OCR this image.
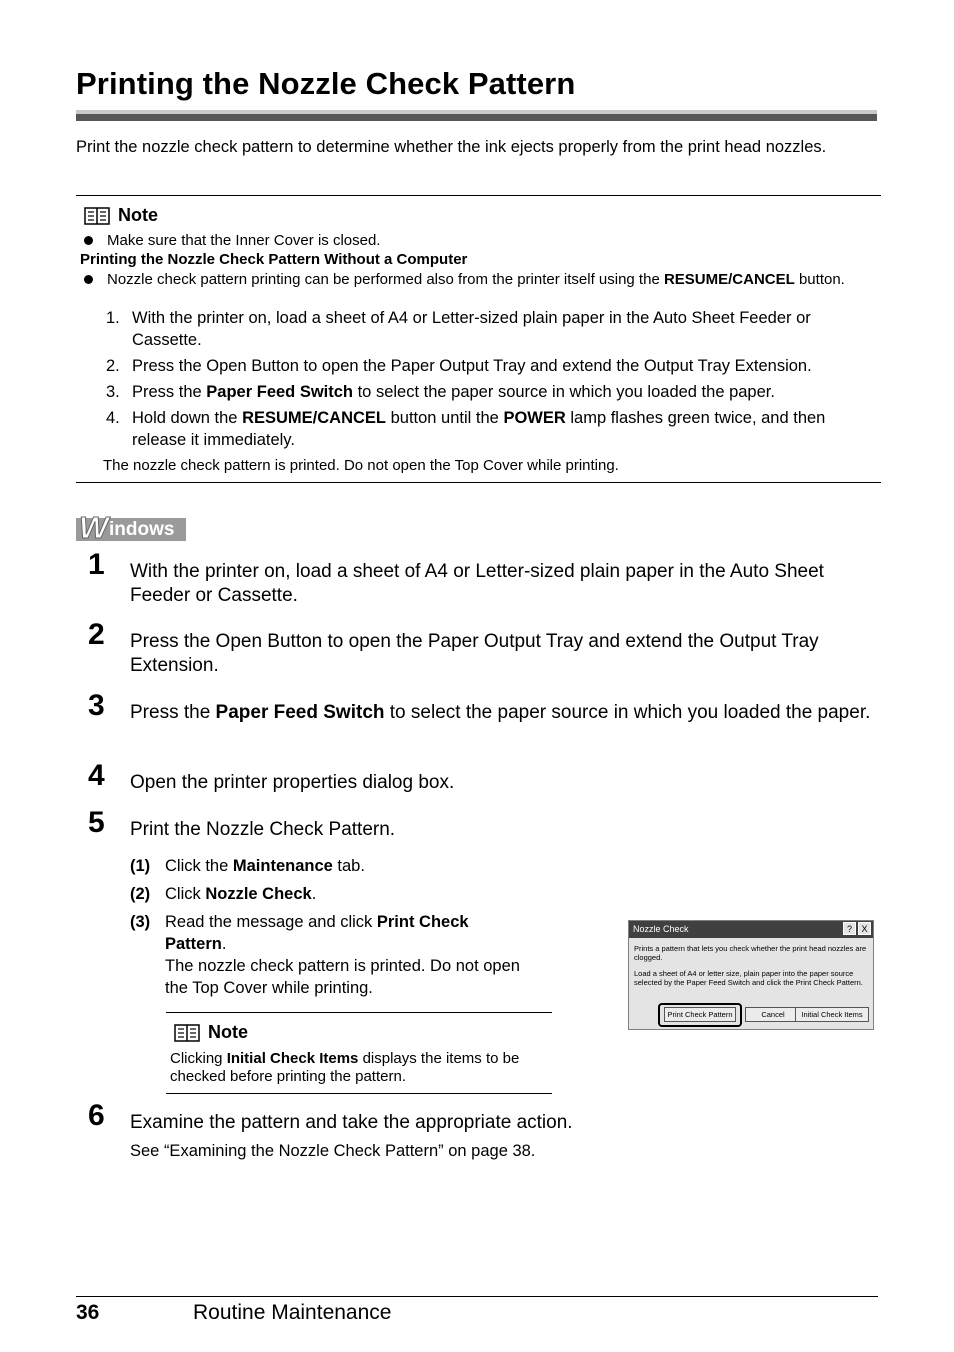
Printing the Nozzle Check Pattern
Print the nozzle check pattern to determine whether the ink ejects properly from the print head nozzles.
Note
Make sure that the Inner Cover is closed.
Printing the Nozzle Check Pattern Without a Computer
Nozzle check pattern printing can be performed also from the printer itself using the RESUME/CANCEL button.
1. With the printer on, load a sheet of A4 or Letter-sized plain paper in the Auto Sheet Feeder or Cassette.
2. Press the Open Button to open the Paper Output Tray and extend the Output Tray Extension.
3. Press the Paper Feed Switch to select the paper source in which you loaded the paper.
4. Hold down the RESUME/CANCEL button until the POWER lamp flashes green twice, and then release it immediately.
The nozzle check pattern is printed. Do not open the Top Cover while printing.
W indows
1 With the printer on, load a sheet of A4 or Letter-sized plain paper in the Auto Sheet Feeder or Cassette.
2 Press the Open Button to open the Paper Output Tray and extend the Output Tray Extension.
3 Press the Paper Feed Switch to select the paper source in which you loaded the paper.
4 Open the printer properties dialog box.
5 Print the Nozzle Check Pattern.
(1) Click the Maintenance tab.
(2) Click Nozzle Check.
(3) Read the message and click Print Check Pattern.
The nozzle check pattern is printed. Do not open the Top Cover while printing.
Note
Clicking Initial Check Items displays the items to be checked before printing the pattern.
Nozzle Check	?	X
Prints a pattern that lets you check whether the print head nozzles are clogged.
Load a sheet of A4 or letter size, plain paper into the paper source selected by the Paper Feed Switch and click the Print Check Pattern.
Print Check Pattern	Cancel	Initial Check Items
6 Examine the pattern and take the appropriate action.
See “Examining the Nozzle Check Pattern” on page 38.
36	Routine Maintenance
